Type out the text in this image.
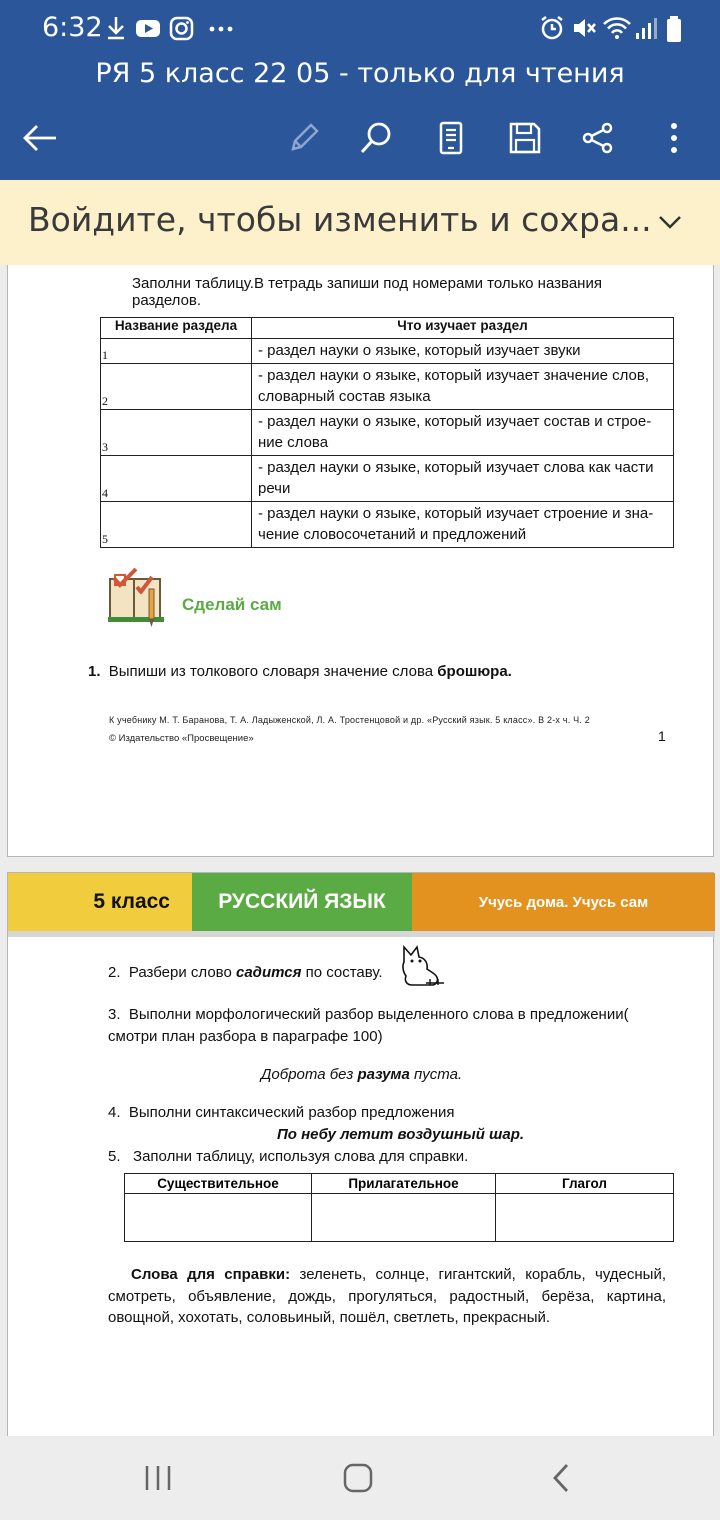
6:32
РЯ 5 класс 22 05 - только для чтения
Войдите, чтобы изменить и сохра...
Заполни таблицу.В тетрадь запиши под номерами только названия разделов.
Название раздела	Что изучает раздел
1	- раздел науки о языке, который изучает звуки
2	- раздел науки о языке, который изучает значение слов, словарный состав языка
3	- раздел науки о языке, который изучает состав и строе-ние слова
4	- раздел науки о языке, который изучает слова как части речи
5	- раздел науки о языке, который изучает строение и зна-чение словосочетаний и предложений
Сделай сам
1. Выпиши из толкового словаря значение слова брошюра.
К учебнику М. Т. Баранова, Т. А. Ладыженской, Л. А. Тростенцовой и др. «Русский язык. 5 класс». В 2-х ч. Ч. 2
© Издательство «Просвещение»	1
5 класс	РУССКИЙ ЯЗЫК	Учусь дома. Учусь сам
2. Разбери слово садится по составу.
3. Выполни морфологический разбор выделенного слова в предложении( смотри план разбора в параграфе 100)
Доброта без разума пуста.
4. Выполни синтаксический разбор предложения
По небу летит воздушный шар.
5. Заполни таблицу, используя слова для справки.
Существительное	Прилагательное	Глагол

Слова для справки: зеленеть, солнце, гигантский, корабль, чудесный, смотреть, объявление, дождь, прогуляться, радостный, берёза, картина, овощной, хохотать, соловьиный, пошёл, светлеть, прекрасный.
